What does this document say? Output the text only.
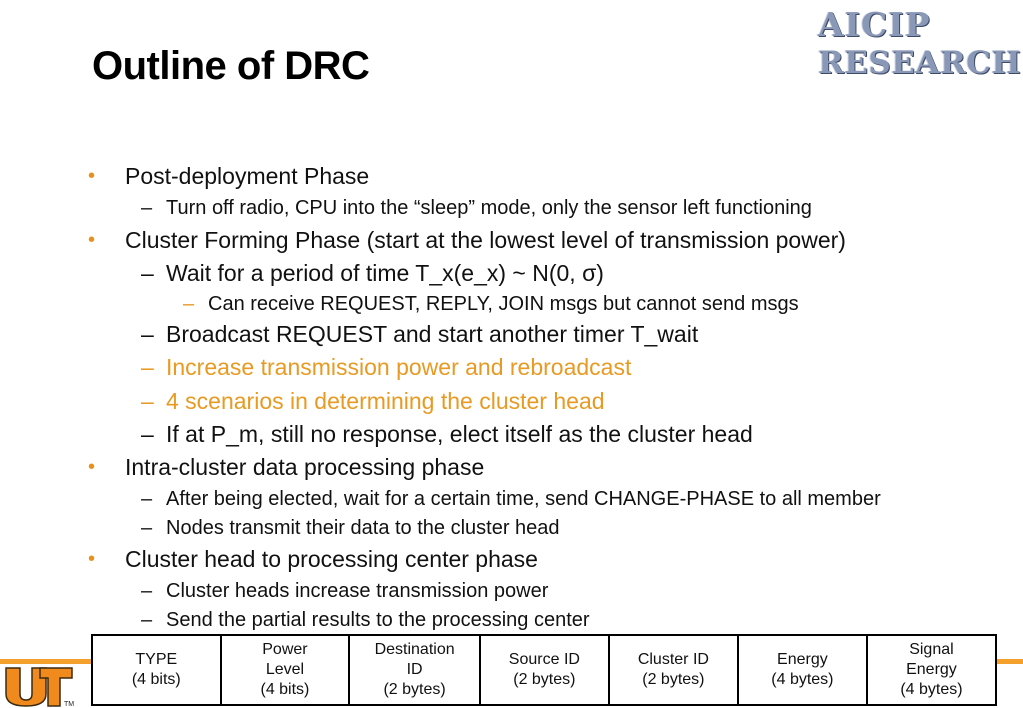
Outline of DRC
AICIP
RESEARCH
• Post-deployment Phase
– Turn off radio, CPU into the “sleep” mode, only the sensor left functioning
• Cluster Forming Phase (start at the lowest level of transmission power)
– Wait for a period of time T_x(e_x) ~ N(0, σ)
– Can receive REQUEST, REPLY, JOIN msgs but cannot send msgs
– Broadcast REQUEST and start another timer T_wait
– Increase transmission power and rebroadcast
– 4 scenarios in determining the cluster head
– If at P_m, still no response, elect itself as the cluster head
• Intra-cluster data processing phase
– After being elected, wait for a certain time, send CHANGE-PHASE to all member
– Nodes transmit their data to the cluster head
• Cluster head to processing center phase
– Cluster heads increase transmission power
– Send the partial results to the processing center
TM
TYPE
(4 bits)

Power
Level
(4 bits)

Destination
ID
(2 bytes)

Source ID
(2 bytes)

Cluster ID
(2 bytes)

Energy
(4 bytes)

Signal
Energy
(4 bytes)
